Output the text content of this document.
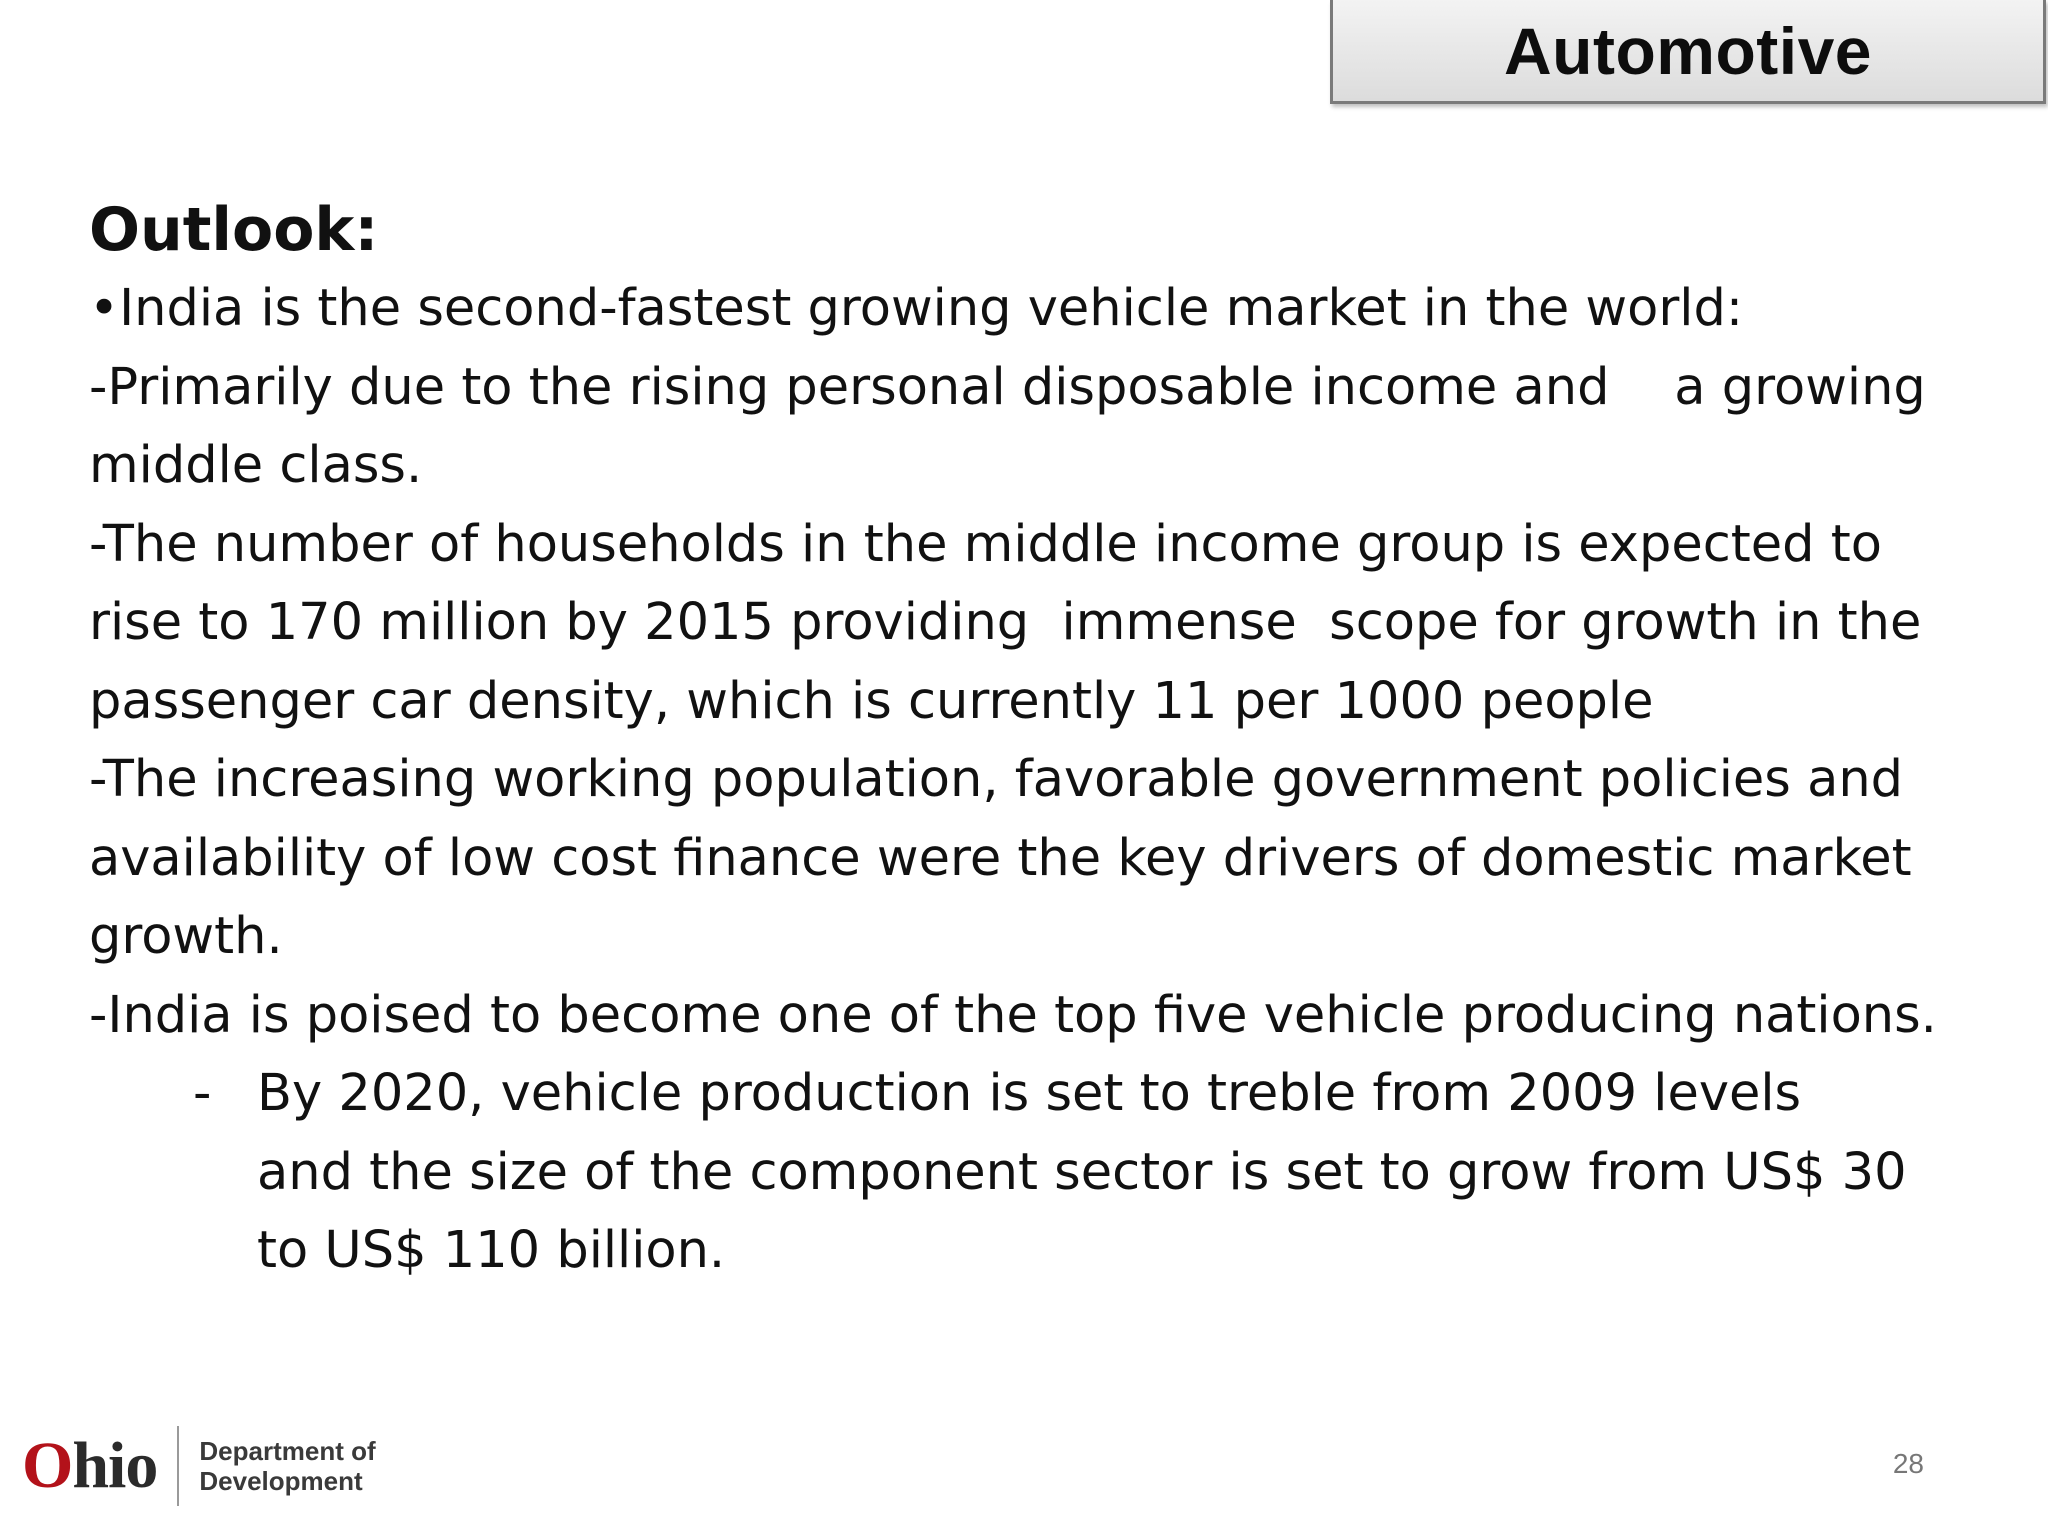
Automotive

Outlook:

•India is the second-fastest growing vehicle market in the world:

-Primarily due to the rising personal disposable income and    a growing middle class.

-The number of households in the middle income group is expected to rise to 170 million by 2015 providing  immense  scope for growth in the passenger car density, which is currently 11 per 1000 people

-The increasing working population, favorable government policies and availability of low cost finance were the key drivers of domestic market growth.

-India is poised to become one of the top five vehicle producing nations.

- By 2020, vehicle production is set to treble from 2009 levels and the size of the component sector is set to grow from US$ 30 to US$ 110 billion.
Ohio Department of
Development
28
